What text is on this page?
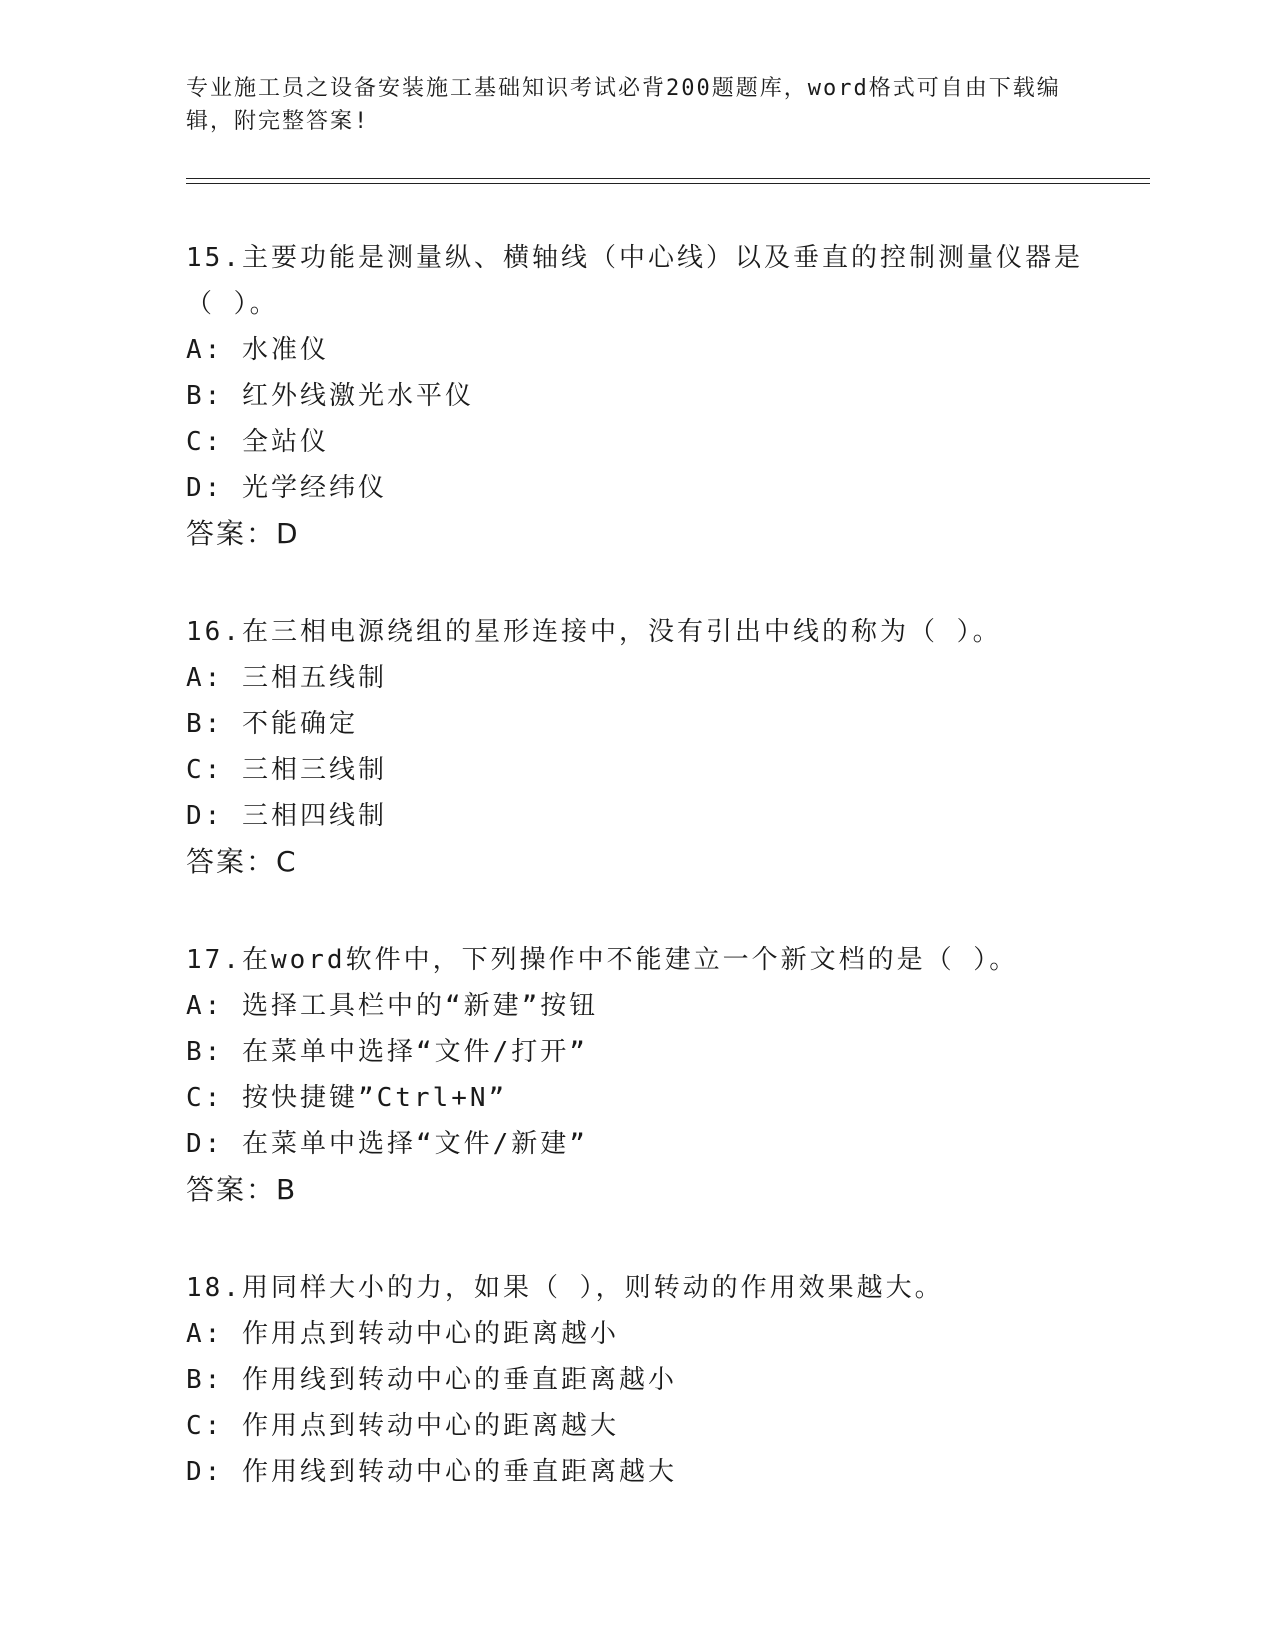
专业施工员之设备安装施工基础知识考试必背200题题库，word格式可自由下载编辑，附完整答案!
15.主要功能是测量纵、横轴线（中心线）以及垂直的控制测量仪器是（ ）。
A: 水准仪
B: 红外线激光水平仪
C: 全站仪
D: 光学经纬仪
答案：D
16.在三相电源绕组的星形连接中，没有引出中线的称为（ ）。
A: 三相五线制
B: 不能确定
C: 三相三线制
D: 三相四线制
答案：C
17.在word软件中，下列操作中不能建立一个新文档的是（ ）。
A: 选择工具栏中的“新建”按钮
B: 在菜单中选择“文件/打开”
C: 按快捷键”Ctrl+N”
D: 在菜单中选择“文件/新建”
答案：B
18.用同样大小的力，如果（ ），则转动的作用效果越大。
A: 作用点到转动中心的距离越小
B: 作用线到转动中心的垂直距离越小
C: 作用点到转动中心的距离越大
D: 作用线到转动中心的垂直距离越大
